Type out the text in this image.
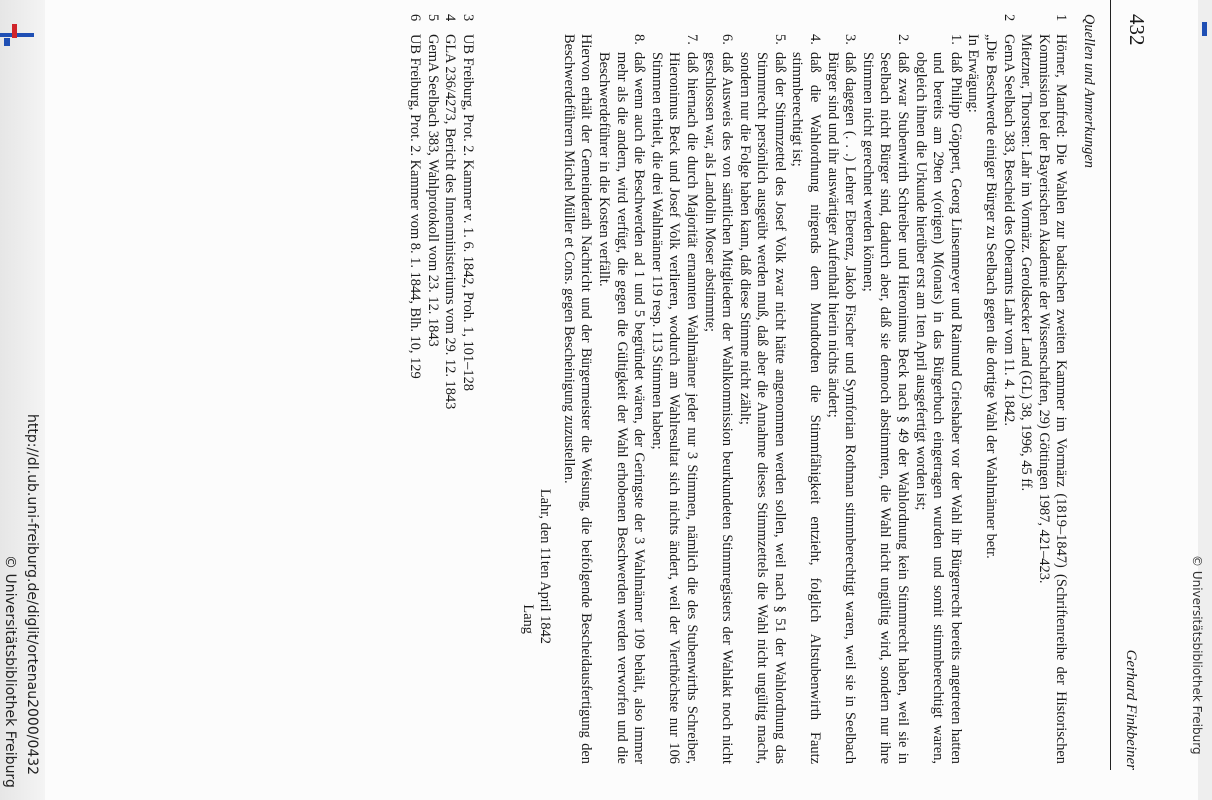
432
Gerhard Finkbeiner

Quellen und Anmerkungen

1
Hörner, Manfred: Die Wahlen zur badischen zweiten Kammer im Vormärz (1819–1847) (Schriftenreihe der Historischen Kommission bei der Bayerischen Akademie der Wissenschaften, 29) Göttingen 1987, 421–423.
Mietzner, Thorsten: Lahr im Vormärz. Geroldsecker Land (GL) 38, 1996, 45 ff.
2
GemA Seelbach 383, Bescheid des Oberamts Lahr vom 11. 4. 1842.

„Die Beschwerde einiger Bürger zu Seelbach gegen die dortige Wahl der Wahlmänner betr.

In Erwägung:

1.
daß Philipp Göppert, Georg Linsenmeyer und Raimund Grieshaber vor der Wahl ihr Bürgerrecht bereits angetreten hatten und bereits am 29ten v(origen) M(onats) in das Bürgerbuch eingetragen wurden und somit stimmberechtigt waren, obgleich ihnen die Urkunde hierüber erst am 1ten April ausgefertigt worden ist;
2.
daß zwar Stubenwirth Schreiber und Hieronimus Beck nach § 49 der Wahlordnung kein Stimmrecht haben, weil sie in Seelbach nicht Bürger sind, dadurch aber, daß sie dennoch abstimmten, die Wahl nicht ungültig wird, sondern nur ihre Stimmen nicht gerechnet werden können;
3.
daß dagegen (. . .) Lehrer Eberenz, Jakob Fischer und Symforian Rothman stimmberechtigt waren, weil sie in Seelbach Bürger sind und ihr auswärtiger Aufenthalt hierin nichts ändert;
4.
daß die Wahlordnung nirgends dem Mundtodten die Stimmfähigkeit entzieht, folglich Altstubenwirth Fautz stimmberechtigt ist;
5.
daß der Stimmzettel des Josef Volk zwar nicht hätte angenommen werden sollen, weil nach § 51 der Wahlordnung das Stimmrecht persönlich ausgeübt werden muß, daß aber die Annahme dieses Stimmzettels die Wahl nicht ungültig macht, sondern nur die Folge haben kann, daß diese Stimme nicht zählt;
6.
daß Ausweis des von sämtlichen Mitgliedern der Wahlkommission beurkundeten Stimmregisters der Wahlakt noch nicht geschlossen war, als Landolin Moser abstimmte;
7.
daß hiernach die durch Majorität ernannten Wahlmänner jeder nur 3 Stimmen, nämlich die des Stubenwirths Schreiber, Hieronimus Beck und Josef Volk verlieren, wodurch am Wahlresultat sich nichts ändert, weil der Vierthöchste nur 106 Stimmen erhielt, die drei Wahlmänner 119 resp. 113 Stimmen haben;
8.
daß wenn auch die Beschwerden ad 1 und 5 begründet wären, der Geringste der 3 Wahlmänner 109 behält, also immer mehr als die andern, wird verfügt, die gegen die Gültigkeit der Wahl erhobenen Beschwerden werden verworfen und die Beschwerdeführer in die Kosten verfällt.

Hiervon erhält der Gemeinderath Nachricht und der Bürgermeister die Weisung, die beifolgende Bescheidausfertigung den Beschwerdeführern Michel Müller et Cons. gegen Bescheinigung zuzustellen.

Lahr, den 11ten April 1842

Lang

3
UB Freiburg, Prot. 2. Kammer v. 1. 6. 1842, Proh. 1, 101–128
4
GLA 236/4273, Bericht des Innenministeriums vom 29. 12. 1843
5
GemA Seelbach 383, Wahlprotokoll vom 23. 12. 1843
6
UB Freiburg, Prot. 2. Kammer vom 8. 1. 1844, Blh. 10, 129
http://dl.ub.uni-freiburg.de/diglit/ortenau2000/0432
© Universitätsbibliothek Freiburg	© Universitätsbibliothek Freiburg
